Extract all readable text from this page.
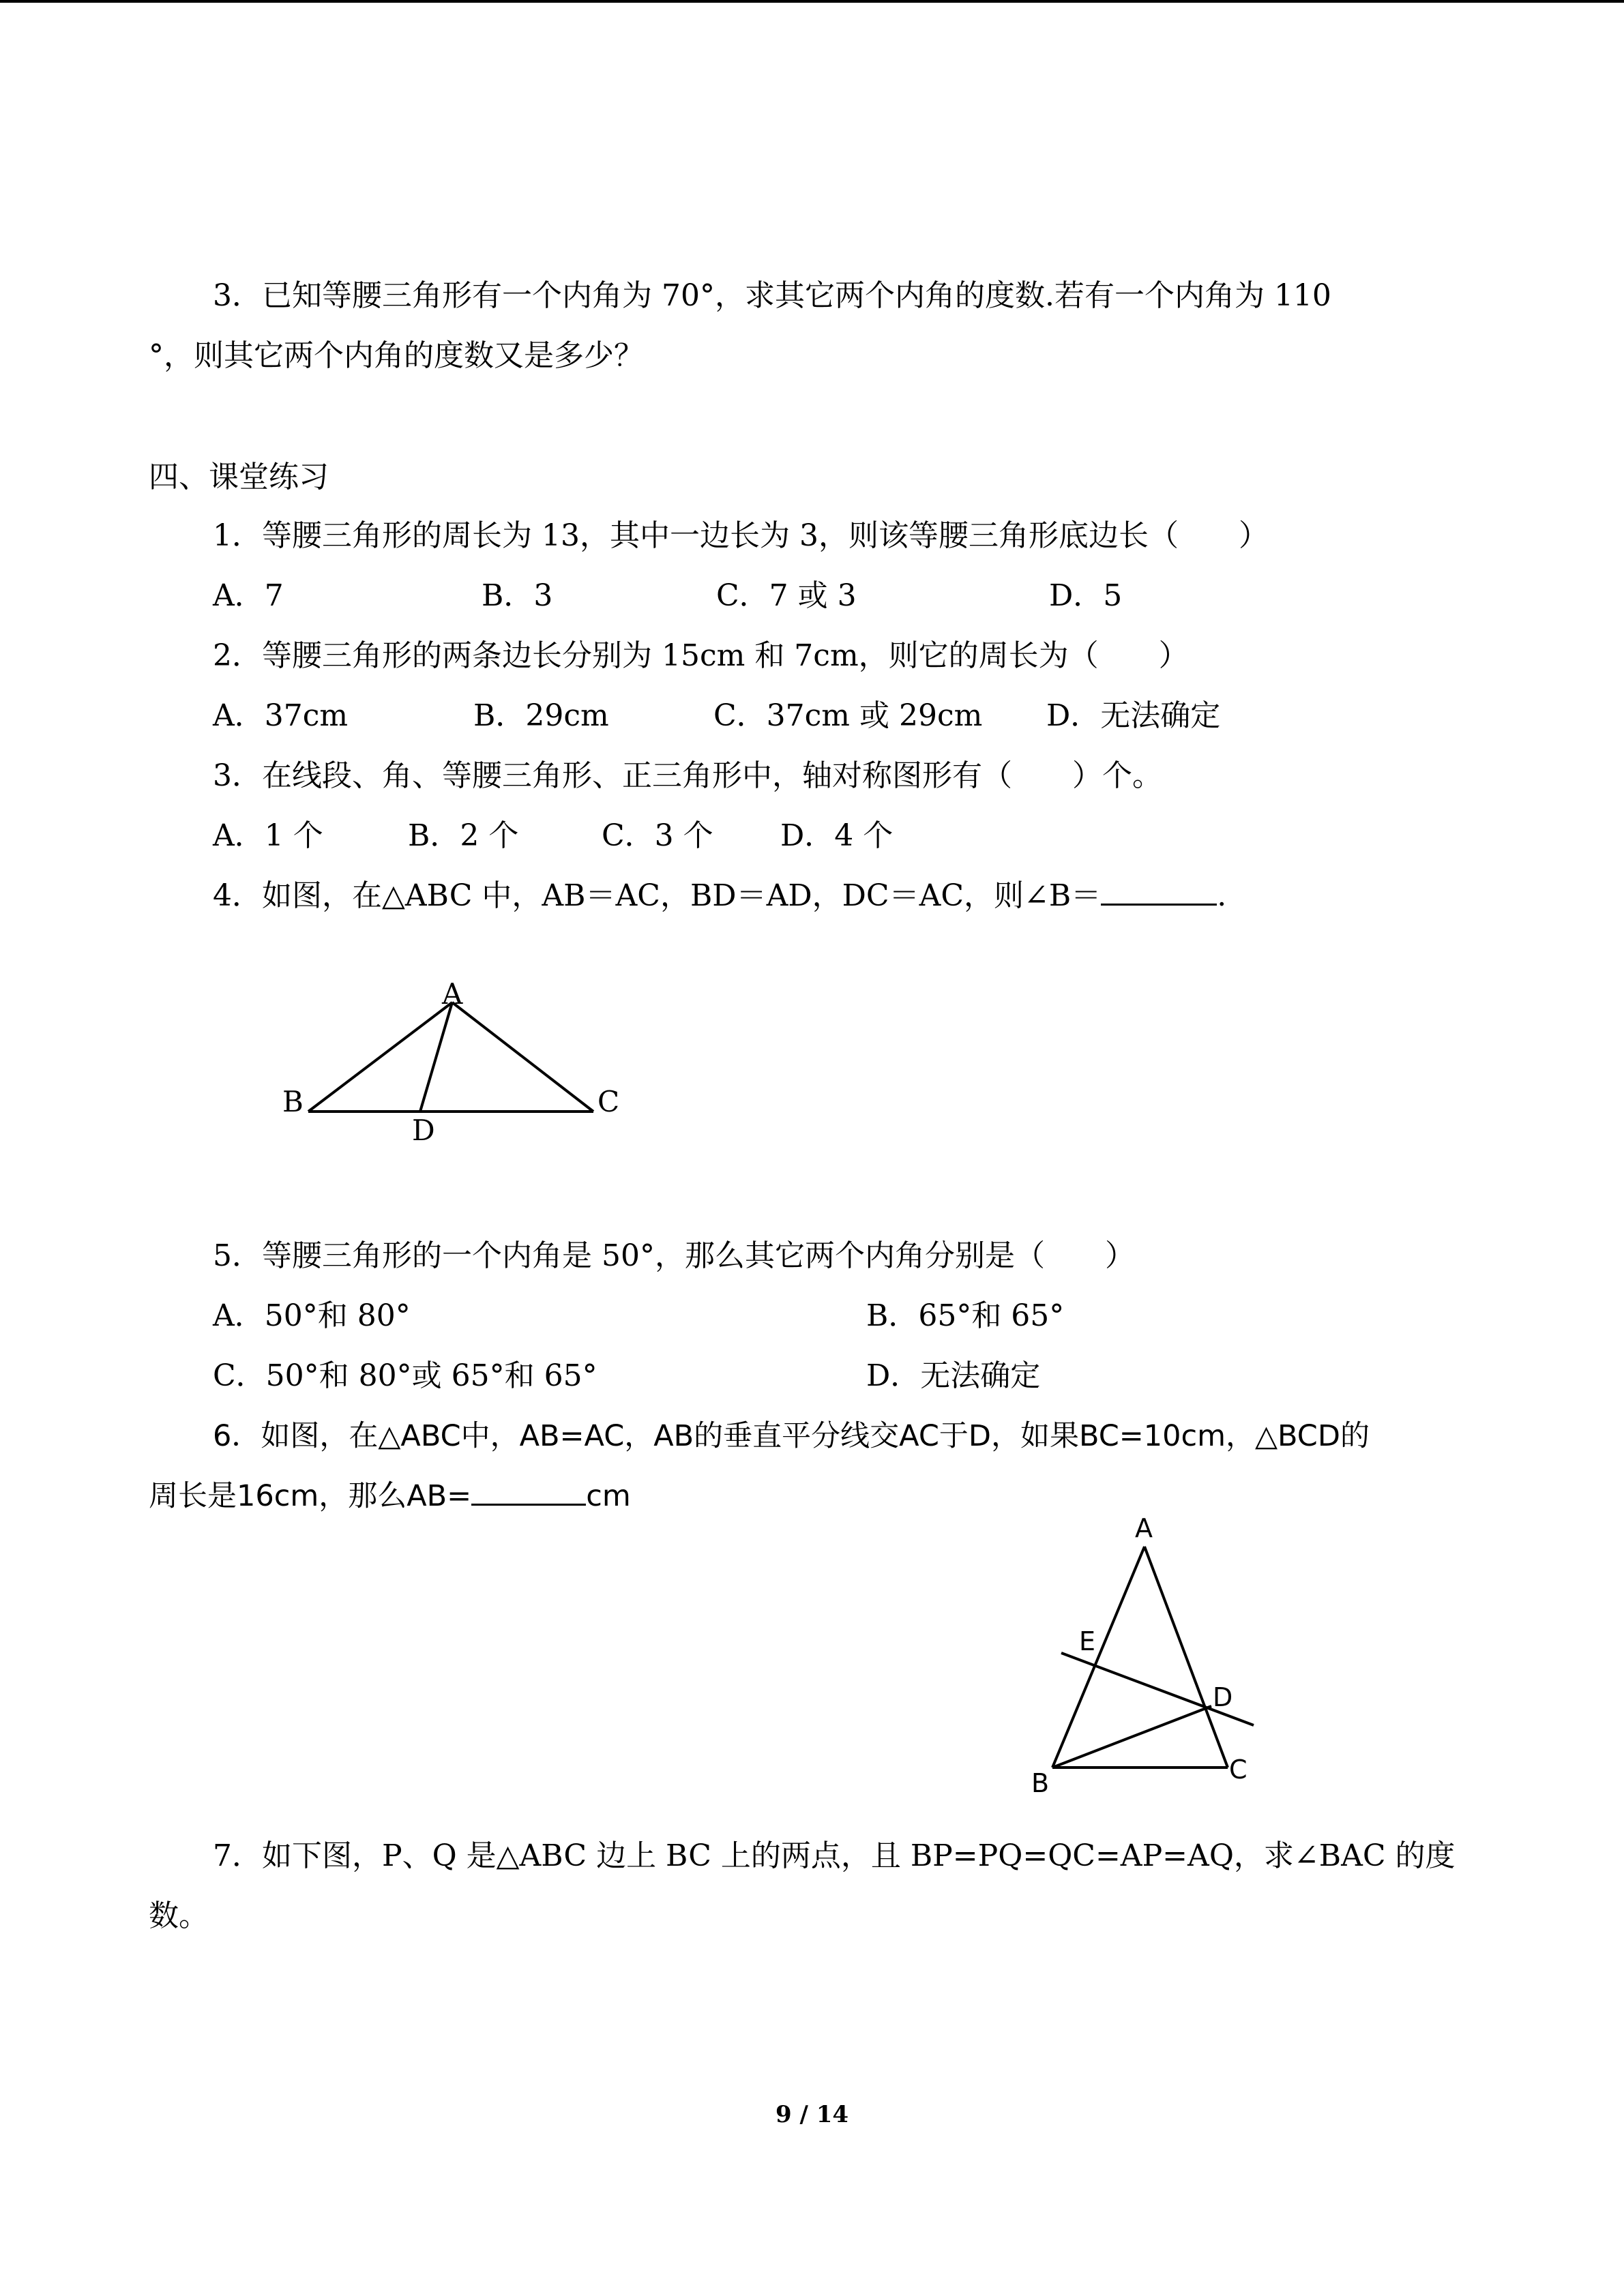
3．已知等腰三角形有一个内角为 70°，求其它两个内角的度数.若有一个内角为 110
°，则其它两个内角的度数又是多少？
四、课堂练习
1．等腰三角形的周长为 13，其中一边长为 3，则该等腰三角形底边长（　　）
A．7	B．3	C．7 或 3	D．5
2．等腰三角形的两条边长分别为 15cm 和 7cm，则它的周长为（　　）
A．37cm	B．29cm	C．37cm 或 29cm D．无法确定
3．在线段、角、等腰三角形、正三角形中，轴对称图形有（　　）个。
A．1 个	B．2 个	C．3 个 D．4 个
4．如图，在△ABC 中，AB＝AC，BD＝AD，DC＝AC，则∠B＝	.
A
B	C
D
5．等腰三角形的一个内角是 50°，那么其它两个内角分别是（　　）
A．50°和 80°	B．65°和 65°
C．50°和 80°或 65°和 65°	D．无法确定
6．如图，在△ABC中，AB=AC，AB的垂直平分线交AC于D，如果BC=10cm，△BCD的
周长是16cm，那么AB=	cm
A
B	C
D
E
7．如下图，P、Q 是△ABC 边上 BC 上的两点，且 BP=PQ=QC=AP=AQ，求∠BAC 的度
数。
9 / 14
